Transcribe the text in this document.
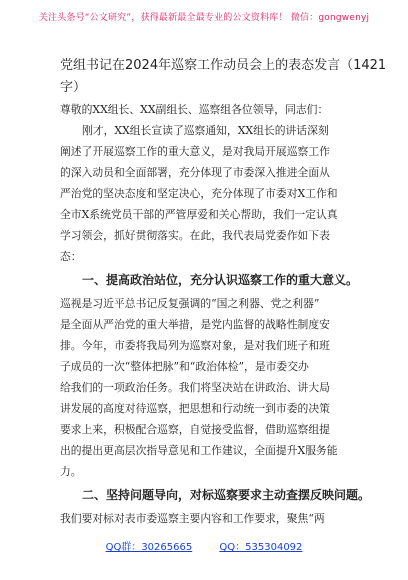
关注头条号“公文研究”，获得最新最全最专业的公文资料库！ 微信：gongwenyj
党组书记在2024年巡察工作动员会上的表态发言（1421
字）
尊敬的XX组长、XX副组长、巡察组各位领导，同志们：
刚才，XX组长宣读了巡察通知，XX组长的讲话深刻
阐述了开展巡察工作的重大意义，是对我局开展巡察工作
的深入动员和全面部署，充分体现了市委深入推进全面从
严治党的坚决态度和坚定决心，充分体现了市委对X工作和
全市X系统党员干部的严管厚爱和关心帮助，我们一定认真
学习领会，抓好贯彻落实。在此，我代表局党委作如下表
态：
一、提高政治站位，充分认识巡察工作的重大意义。
巡视是习近平总书记反复强调的“国之利器、党之利器”
是全面从严治党的重大举措，是党内监督的战略性制度安
排。今年，市委将我局列为巡察对象，是对我们班子和班
子成员的一次“整体把脉”和“政治体检”，是市委交办
给我们的一项政治任务。我们将坚决站在讲政治、讲大局
讲发展的高度对待巡察，把思想和行动统一到市委的决策
要求上来，积极配合巡察，自觉接受监督，借助巡察组提
出的提出更高层次指导意见和工作建议，全面提升X服务能
力。
二、坚持问题导向，对标巡察要求主动查摆反映问题。
我们要对标对表市委巡察主要内容和工作要求，聚焦“两
QQ群：30265665	QQ：535304092
